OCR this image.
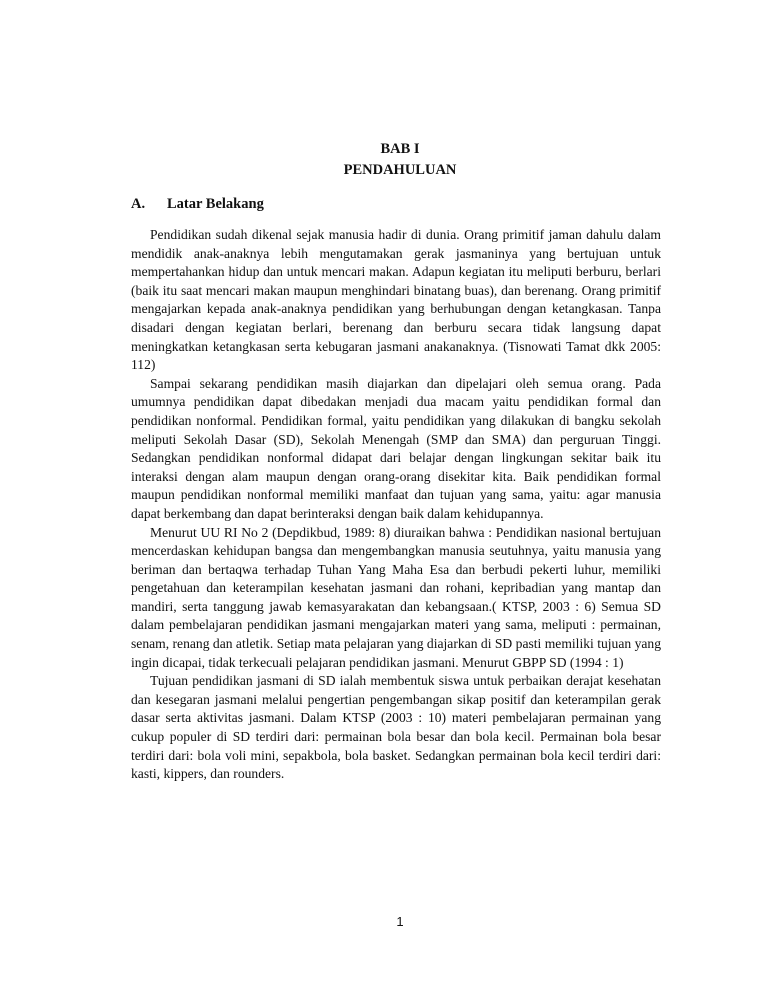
BAB I
PENDAHULUAN
A. Latar Belakang

Pendidikan sudah dikenal sejak manusia hadir di dunia. Orang primitif jaman dahulu dalam mendidik anak-anaknya lebih mengutamakan gerak jasmaninya yang bertujuan untuk mempertahankan hidup dan untuk mencari makan. Adapun kegiatan itu meliputi berburu, berlari (baik itu saat mencari makan maupun menghindari binatang buas), dan berenang. Orang primitif mengajarkan kepada anak-anaknya pendidikan yang berhubungan dengan ketangkasan. Tanpa disadari dengan kegiatan berlari, berenang dan berburu secara tidak langsung dapat meningkatkan ketangkasan serta kebugaran jasmani anakanaknya. (Tisnowati Tamat dkk 2005: 112)

Sampai sekarang pendidikan masih diajarkan dan dipelajari oleh semua orang. Pada umumnya pendidikan dapat dibedakan menjadi dua macam yaitu pendidikan formal dan pendidikan nonformal. Pendidikan formal, yaitu pendidikan yang dilakukan di bangku sekolah meliputi Sekolah Dasar (SD), Sekolah Menengah (SMP dan SMA) dan perguruan Tinggi. Sedangkan pendidikan nonformal didapat dari belajar dengan lingkungan sekitar baik itu interaksi dengan alam maupun dengan orang-orang disekitar kita. Baik pendidikan formal maupun pendidikan nonformal memiliki manfaat dan tujuan yang sama, yaitu: agar manusia dapat berkembang dan dapat berinteraksi dengan baik dalam kehidupannya.

Menurut UU RI No 2 (Depdikbud, 1989: 8) diuraikan bahwa : Pendidikan nasional bertujuan mencerdaskan kehidupan bangsa dan mengembangkan manusia seutuhnya, yaitu manusia yang beriman dan bertaqwa terhadap Tuhan Yang Maha Esa dan berbudi pekerti luhur, memiliki pengetahuan dan keterampilan kesehatan jasmani dan rohani, kepribadian yang mantap dan mandiri, serta tanggung jawab kemasyarakatan dan kebangsaan.( KTSP, 2003 : 6) Semua SD dalam pembelajaran pendidikan jasmani mengajarkan materi yang sama, meliputi : permainan, senam, renang dan atletik. Setiap mata pelajaran yang diajarkan di SD pasti memiliki tujuan yang ingin dicapai, tidak terkecuali pelajaran pendidikan jasmani. Menurut GBPP SD (1994 : 1)

Tujuan pendidikan jasmani di SD ialah membentuk siswa untuk perbaikan derajat kesehatan dan kesegaran jasmani melalui pengertian pengembangan sikap positif dan keterampilan gerak dasar serta aktivitas jasmani. Dalam KTSP (2003 : 10) materi pembelajaran permainan yang cukup populer di SD terdiri dari: permainan bola besar dan bola kecil. Permainan bola besar terdiri dari: bola voli mini, sepakbola, bola basket. Sedangkan permainan bola kecil terdiri dari: kasti, kippers, dan rounders.

1
